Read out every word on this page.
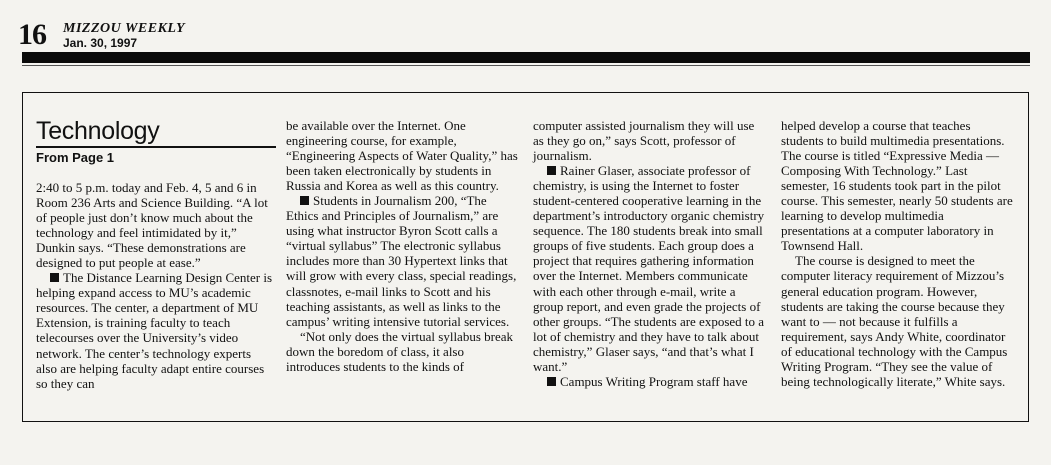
16 MIZZOU WEEKLY
Jan. 30, 1997
Technology
From Page 1

2:40 to 5 p.m. today and Feb. 4, 5 and 6 in Room 236 Arts and Science Building. “A lot of people just don’t know much about the technology and feel intimidated by it,” Dunkin says. “These demonstrations are designed to put people at ease.”

The Distance Learning Design Center is helping expand access to MU’s academic resources. The center, a department of MU Extension, is training faculty to teach telecourses over the University’s video network. The center’s technology experts also are helping faculty adapt entire courses so they can

be available over the Internet. One engineering course, for example, “Engineering Aspects of Water Quality,” has been taken electronically by students in Russia and Korea as well as this country.

Students in Journalism 200, “The Ethics and Principles of Journalism,” are using what instructor Byron Scott calls a “virtual syllabus” The electronic syllabus includes more than 30 Hypertext links that will grow with every class, special readings, classnotes, e-mail links to Scott and his teaching assistants, as well as links to the campus’ writing intensive tutorial services.

“Not only does the virtual syllabus break down the boredom of class, it also introduces students to the kinds of

computer assisted journalism they will use as they go on,” says Scott, professor of journalism.

Rainer Glaser, associate professor of chemistry, is using the Internet to foster student-centered cooperative learning in the department’s introductory organic chemistry sequence. The 180 students break into small groups of five students. Each group does a project that requires gathering information over the Internet. Members communicate with each other through e-mail, write a group report, and even grade the projects of other groups. “The students are exposed to a lot of chemistry and they have to talk about chemistry,” Glaser says, “and that’s what I want.”

Campus Writing Program staff have

helped develop a course that teaches students to build multimedia presentations. The course is titled “Expressive Media — Composing With Technology.” Last semester, 16 students took part in the pilot course. This semester, nearly 50 students are learning to develop multimedia presentations at a computer laboratory in Townsend Hall.

The course is designed to meet the computer literacy requirement of Mizzou’s general education program. However, students are taking the course because they want to — not because it fulfills a requirement, says Andy White, coordinator of educational technology with the Campus Writing Program. “They see the value of being technologically literate,” White says.
